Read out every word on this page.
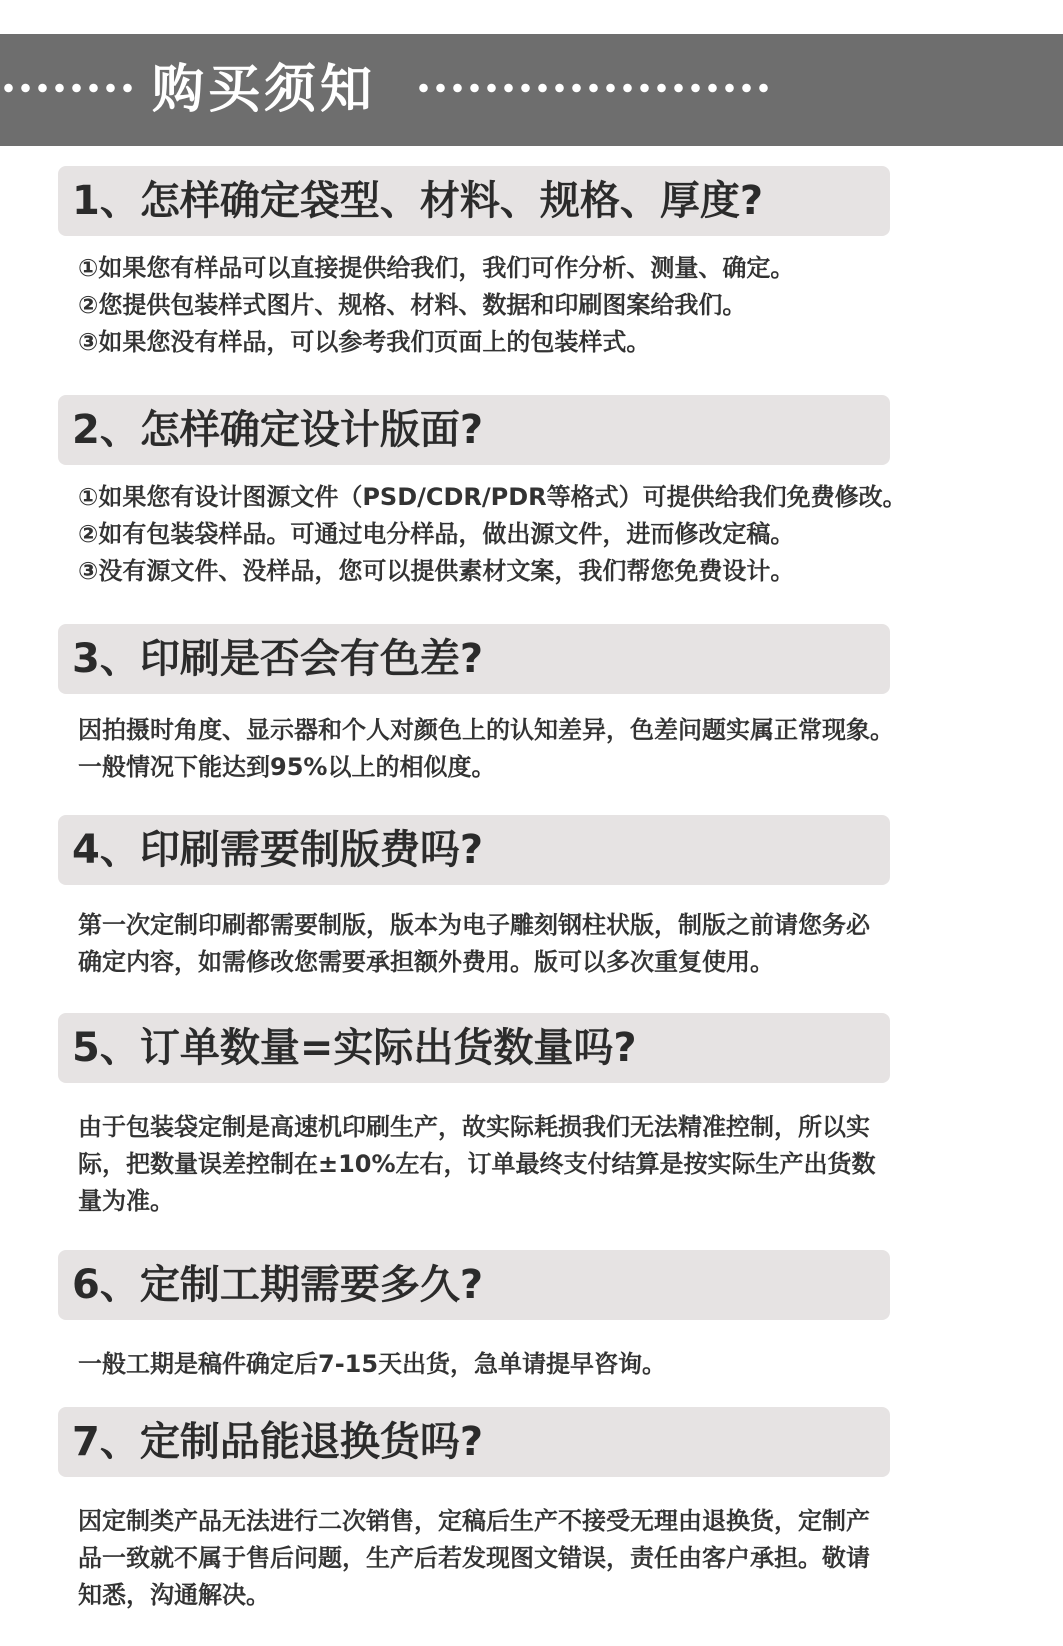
购买须知
1、怎样确定袋型、材料、规格、厚度?
①如果您有样品可以直接提供给我们，我们可作分析、测量、确定。
②您提供包装样式图片、规格、材料、数据和印刷图案给我们。
③如果您没有样品，可以参考我们页面上的包装样式。
2、怎样确定设计版面?
①如果您有设计图源文件（PSD/CDR/PDR等格式）可提供给我们免费修改。
②如有包装袋样品。可通过电分样品，做出源文件，进而修改定稿。
③没有源文件、没样品，您可以提供素材文案，我们帮您免费设计。
3、印刷是否会有色差?
因拍摄时角度、显示器和个人对颜色上的认知差异，色差问题实属正常现象。
一般情况下能达到95%以上的相似度。
4、印刷需要制版费吗?
第一次定制印刷都需要制版，版本为电子雕刻钢柱状版，制版之前请您务必
确定内容，如需修改您需要承担额外费用。版可以多次重复使用。
5、订单数量=实际出货数量吗?
由于包装袋定制是高速机印刷生产，故实际耗损我们无法精准控制，所以实
际，把数量误差控制在±10%左右，订单最终支付结算是按实际生产出货数
量为准。
6、定制工期需要多久?
一般工期是稿件确定后7-15天出货，急单请提早咨询。
7、定制品能退换货吗?
因定制类产品无法进行二次销售，定稿后生产不接受无理由退换货，定制产
品一致就不属于售后问题，生产后若发现图文错误，责任由客户承担。敬请
知悉，沟通解决。
